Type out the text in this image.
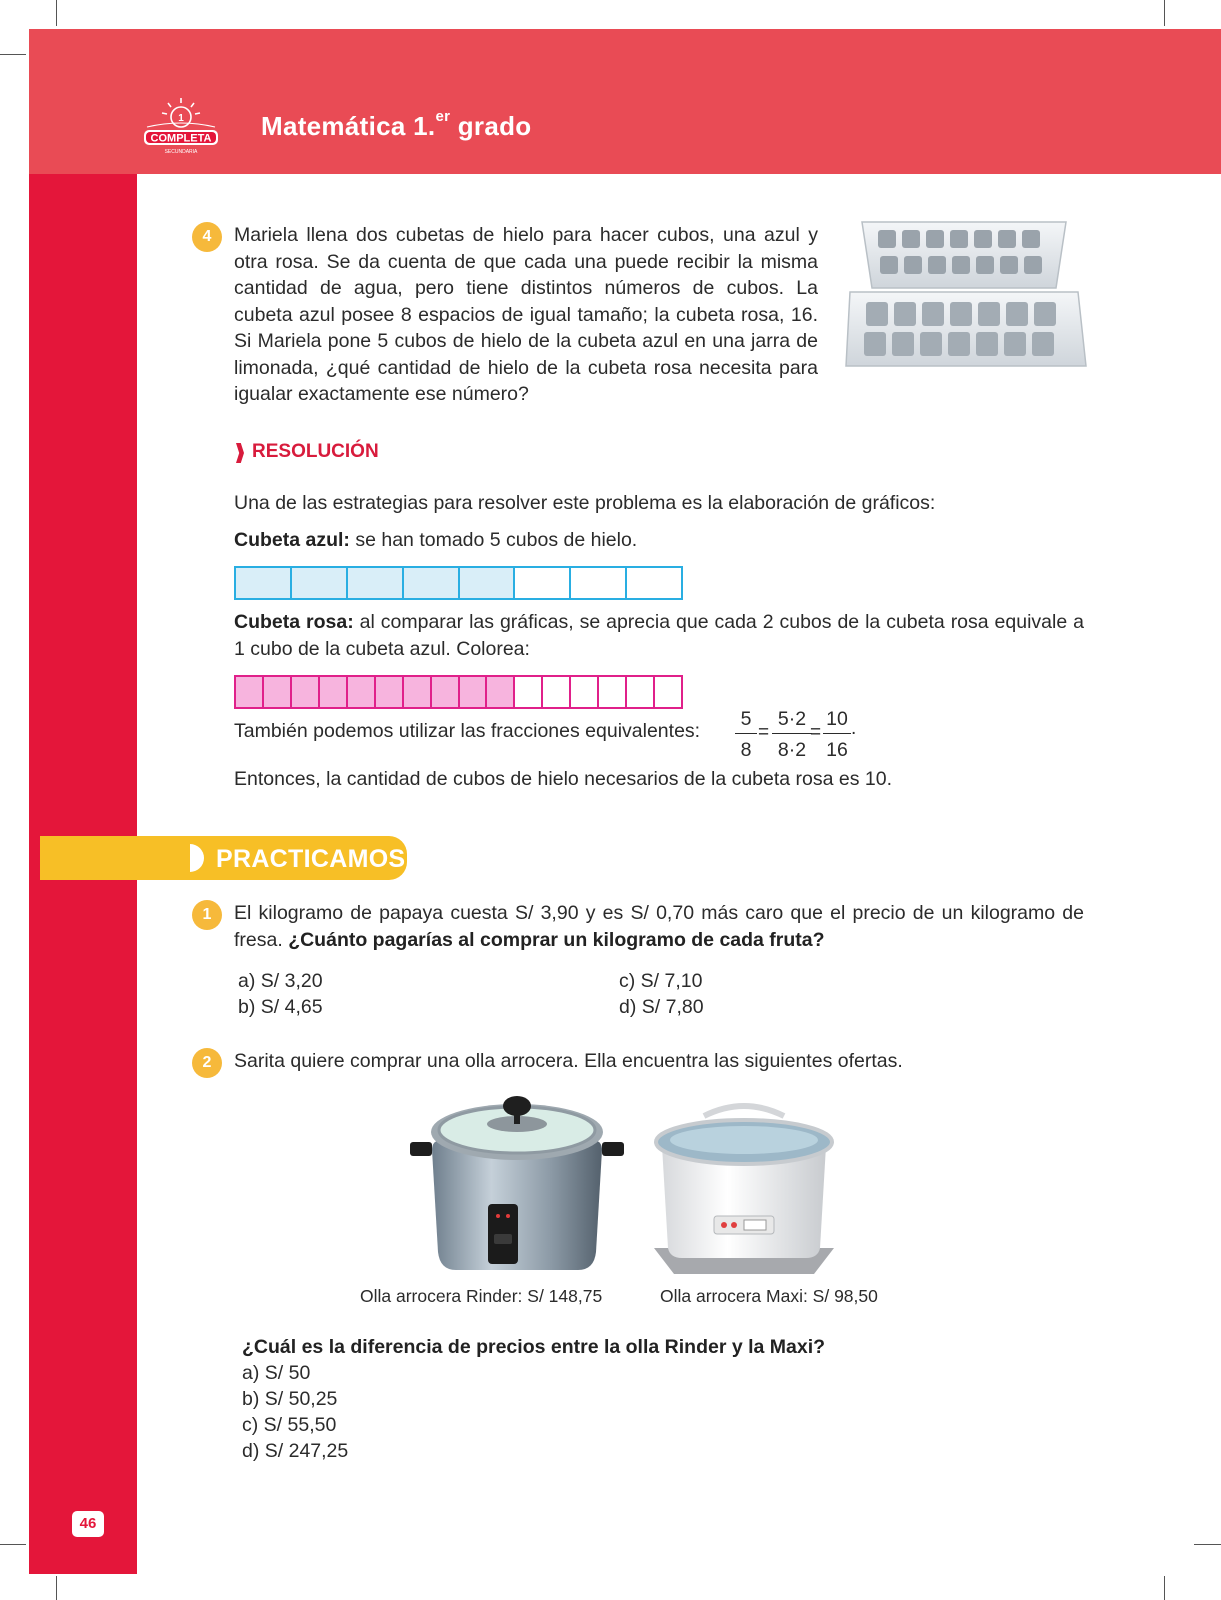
1
COMPLETA
SECUNDARIA
Matemática 1.$^{er}$ grado
4	Mariela llena dos cubetas de hielo para hacer cubos, una azul y otra rosa. Se da cuenta de que cada una puede recibir la misma cantidad de agua, pero tiene distintos números de cubos. La cubeta azul posee 8 espacios de igual tamaño; la cubeta rosa, 16. Si Mariela pone 5 cubos de hielo de la cubeta azul en una jarra de limonada, ¿qué cantidad de hielo de la cubeta rosa necesita para igualar exactamente ese número?
RESOLUCIÓN
Una de las estrategias para resolver este problema es la elaboración de gráficos:
Cubeta azul: se han tomado 5 cubos de hielo.
Cubeta rosa: al comparar las gráficas, se aprecia que cada 2 cubos de la cubeta rosa equivale a 1 cubo de la cubeta azul. Colorea:
También podemos utilizar las fracciones equivalentes: $\frac{5}{8} = \frac{5\cdot 2}{8\cdot 2}$
= $\frac{10}{16}$ .
Entonces, la cantidad de cubos de hielo necesarios de la cubeta rosa es 10.
PRACTICAMOS
1	El kilogramo de papaya cuesta S/ 3,90 y es S/ 0,70 más caro que el precio de un kilogramo de fresa. ¿Cuánto pagarías al comprar un kilogramo de cada fruta?
a) S/ 3,20
b) S/ 4,65
c) S/ 7,10
d) S/ 7,80
2	Sarita quiere comprar una olla arrocera. Ella encuentra las siguientes ofertas.
Olla arrocera Rinder: S/ 148,75	Olla arrocera Maxi: S/ 98,50
¿Cuál es la diferencia de precios entre la olla Rinder y la Maxi?
a) S/ 50
b) S/ 50,25
c) S/ 55,50
d) S/ 247,25
46
